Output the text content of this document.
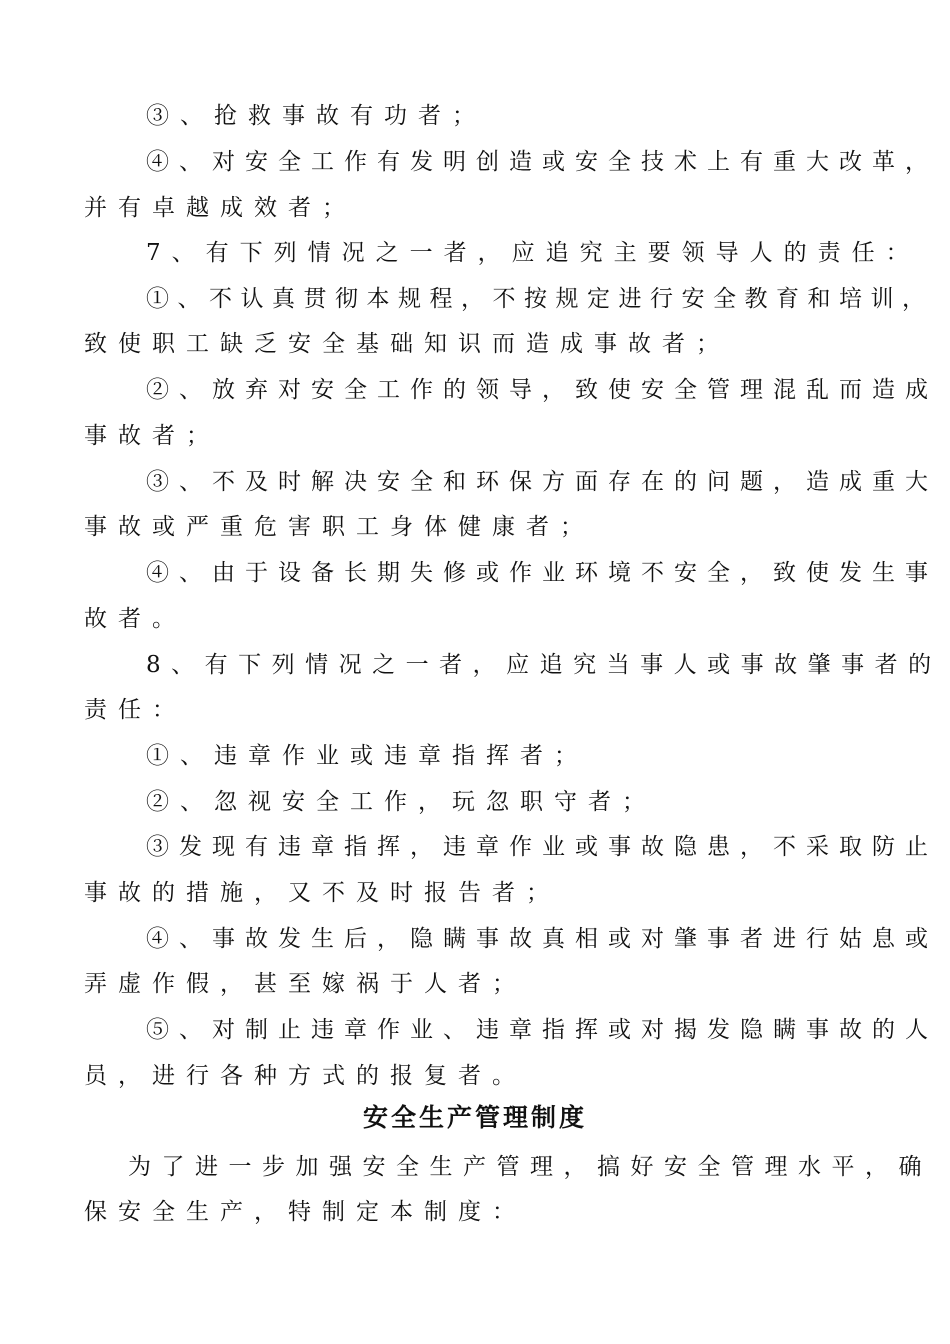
③、抢救事故有功者；
④、对安全工作有发明创造或安全技术上有重大改革，
并有卓越成效者；
7、有下列情况之一者，应追究主要领导人的责任：
①、不认真贯彻本规程，不按规定进行安全教育和培训，
致使职工缺乏安全基础知识而造成事故者；
②、放弃对安全工作的领导，致使安全管理混乱而造成
事故者；
③、不及时解决安全和环保方面存在的问题，造成重大
事故或严重危害职工身体健康者；
④、由于设备长期失修或作业环境不安全，致使发生事
故者。
8、有下列情况之一者，应追究当事人或事故肇事者的
责任：
①、违章作业或违章指挥者；
②、忽视安全工作，玩忽职守者；
③发现有违章指挥，违章作业或事故隐患，不采取防止
事故的措施，又不及时报告者；
④、事故发生后，隐瞒事故真相或对肇事者进行姑息或
弄虚作假，甚至嫁祸于人者；
⑤、对制止违章作业、违章指挥或对揭发隐瞒事故的人
员，进行各种方式的报复者。
安全生产管理制度
为了进一步加强安全生产管理，搞好安全管理水平，确
保安全生产，特制定本制度：
